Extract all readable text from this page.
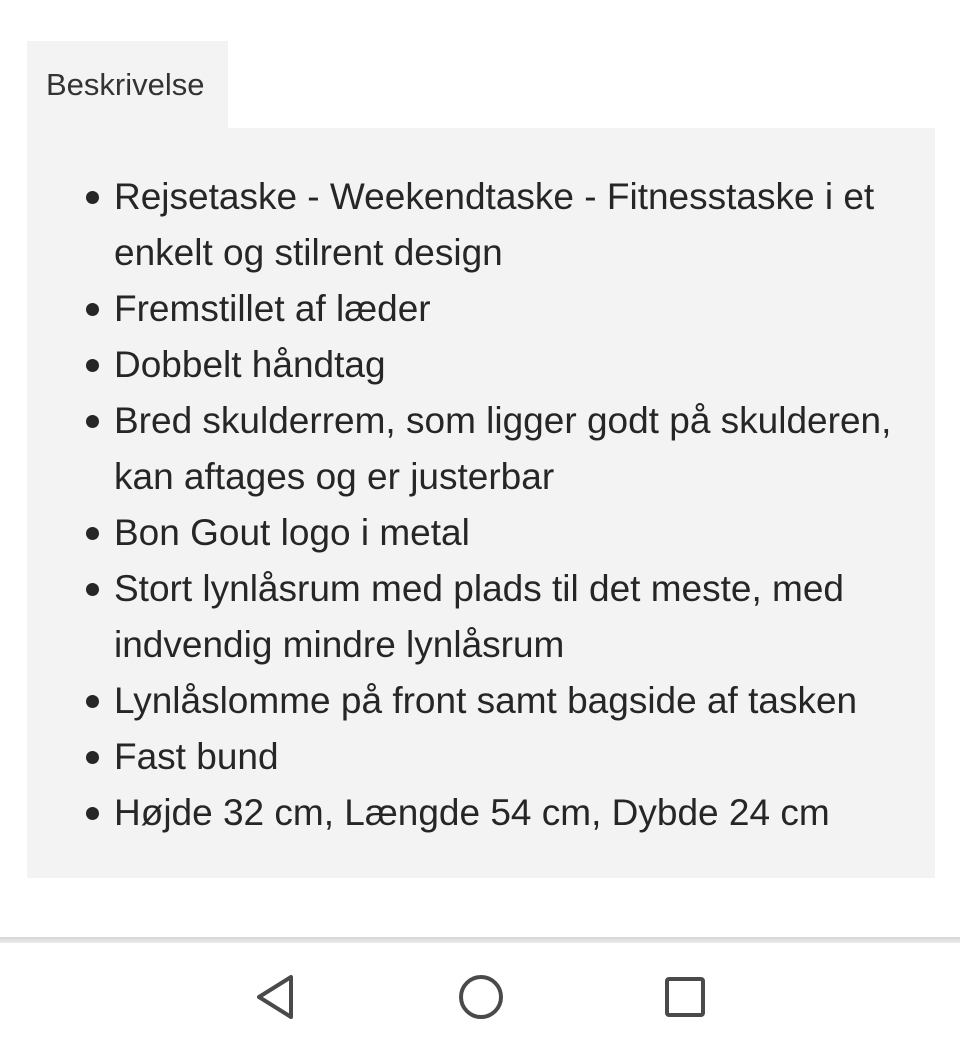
Beskrivelse
Rejsetaske - Weekendtaske - Fitnesstaske i et enkelt og stilrent design
Fremstillet af læder
Dobbelt håndtag
Bred skulderrem, som ligger godt på skulderen, kan aftages og er justerbar
Bon Gout logo i metal
Stort lynlåsrum med plads til det meste, med indvendig mindre lynlåsrum
Lynlåslomme på front samt bagside af tasken
Fast bund
Højde 32 cm, Længde 54 cm, Dybde 24 cm
